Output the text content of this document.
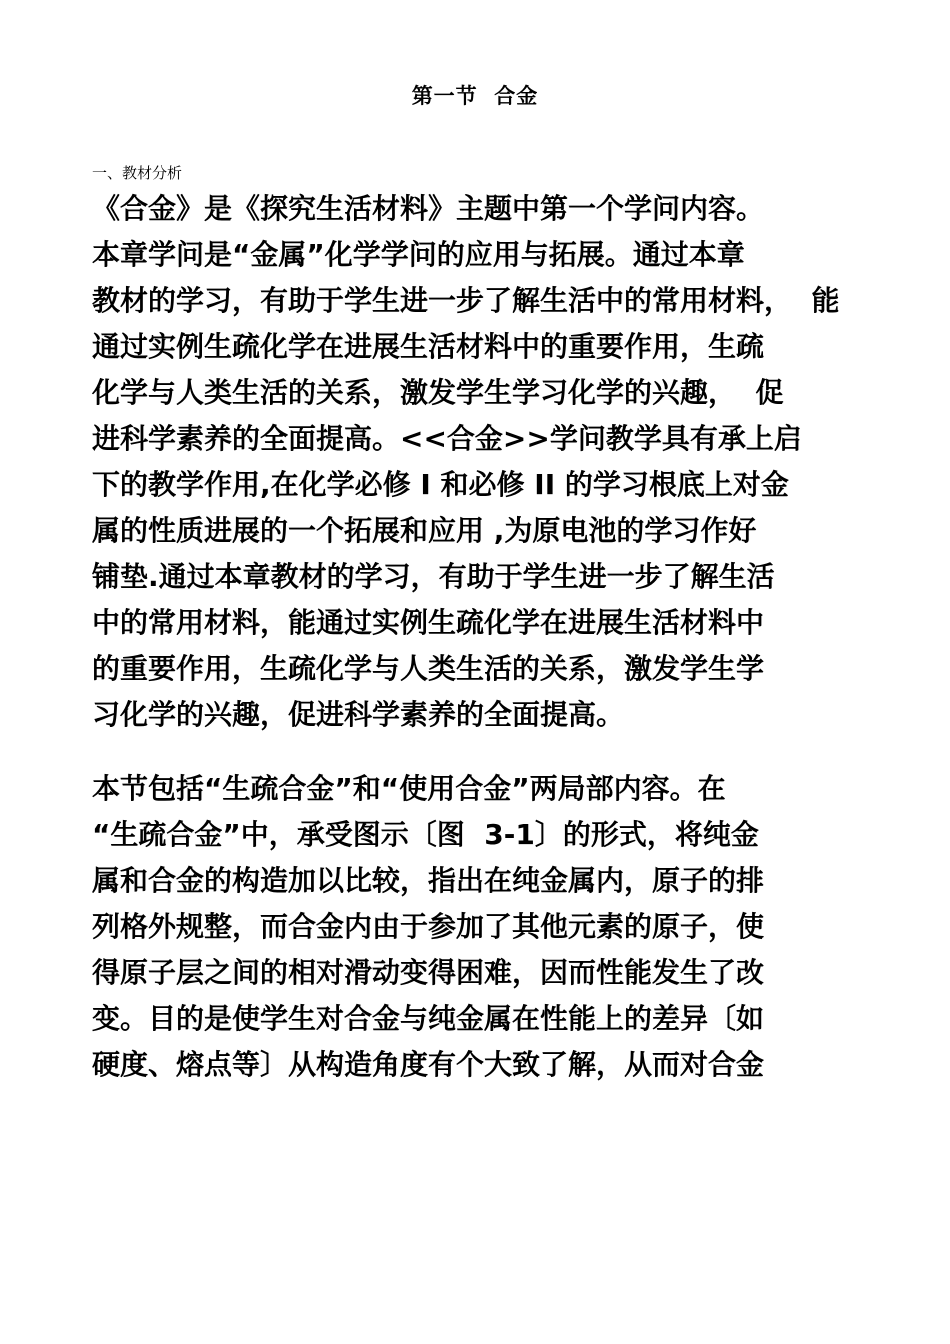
第一节  合金
一、教材分析
《合金》是《探究生活材料》主题中第一个学问内容。
本章学问是“金属”化学学问的应用与拓展。通过本章
教材的学习，有助于学生进一步了解生活中的常用材料，  能
通过实例生疏化学在进展生活材料中的重要作用，生疏
化学与人类生活的关系，激发学生学习化学的兴趣，  促
进科学素养的全面提高。<<合金>>学问教学具有承上启
下的教学作用,在化学必修 I 和必修 II 的学习根底上对金
属的性质进展的一个拓展和应用 ,为原电池的学习作好
铺垫.通过本章教材的学习，有助于学生进一步了解生活
中的常用材料，能通过实例生疏化学在进展生活材料中
的重要作用，生疏化学与人类生活的关系，激发学生学
习化学的兴趣，促进科学素养的全面提高。
本节包括“生疏合金”和“使用合金”两局部内容。在
“生疏合金”中，承受图示〔图  3-1〕的形式，将纯金
属和合金的构造加以比较，指出在纯金属内，原子的排
列格外规整，而合金内由于参加了其他元素的原子，使
得原子层之间的相对滑动变得困难，因而性能发生了改
变。目的是使学生对合金与纯金属在性能上的差异〔如
硬度、熔点等〕从构造角度有个大致了解，从而对合金
